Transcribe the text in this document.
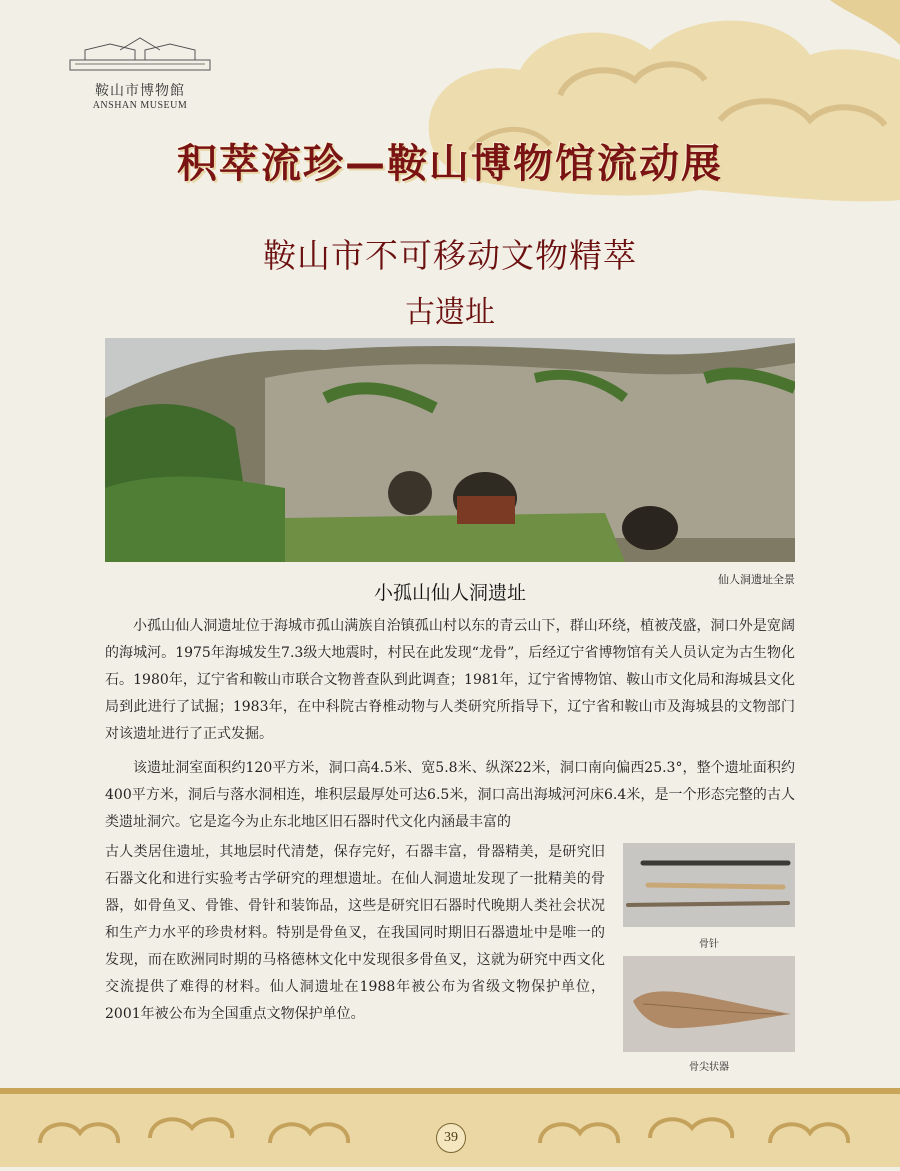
鞍山市博物館
ANSHAN MUSEUM
积萃流珍—鞍山博物馆流动展
鞍山市不可移动文物精萃
古遗址
仙人洞遗址全景
小孤山仙人洞遗址

小孤山仙人洞遗址位于海城市孤山满族自治镇孤山村以东的青云山下，群山环绕，植被茂盛，洞口外是宽阔的海城河。1975年海城发生7.3级大地震时，村民在此发现“龙骨”，后经辽宁省博物馆有关人员认定为古生物化石。1980年，辽宁省和鞍山市联合文物普查队到此调查；1981年，辽宁省博物馆、鞍山市文化局和海城县文化局到此进行了试掘；1983年，在中科院古脊椎动物与人类研究所指导下，辽宁省和鞍山市及海城县的文物部门对该遗址进行了正式发掘。

该遗址洞室面积约120平方米，洞口高4.5米、宽5.8米、纵深22米，洞口南向偏西25.3°，整个遗址面积约400平方米，洞后与落水洞相连，堆积层最厚处可达6.5米，洞口高出海城河河床6.4米，是一个形态完整的古人类遗址洞穴。它是迄今为止东北地区旧石器时代文化内涵最丰富的

古人类居住遗址，其地层时代清楚，保存完好，石器丰富，骨器精美，是研究旧石器文化和进行实验考古学研究的理想遗址。在仙人洞遗址发现了一批精美的骨器，如骨鱼叉、骨锥、骨针和装饰品，这些是研究旧石器时代晚期人类社会状况和生产力水平的珍贵材料。特别是骨鱼叉，在我国同时期旧石器遗址中是唯一的发现，而在欧洲同时期的马格德林文化中发现很多骨鱼叉，这就为研究中西文化交流提供了难得的材料。仙人洞遗址在1988年被公布为省级文物保护单位，2001年被公布为全国重点文物保护单位。

骨针
骨尖状器
39
